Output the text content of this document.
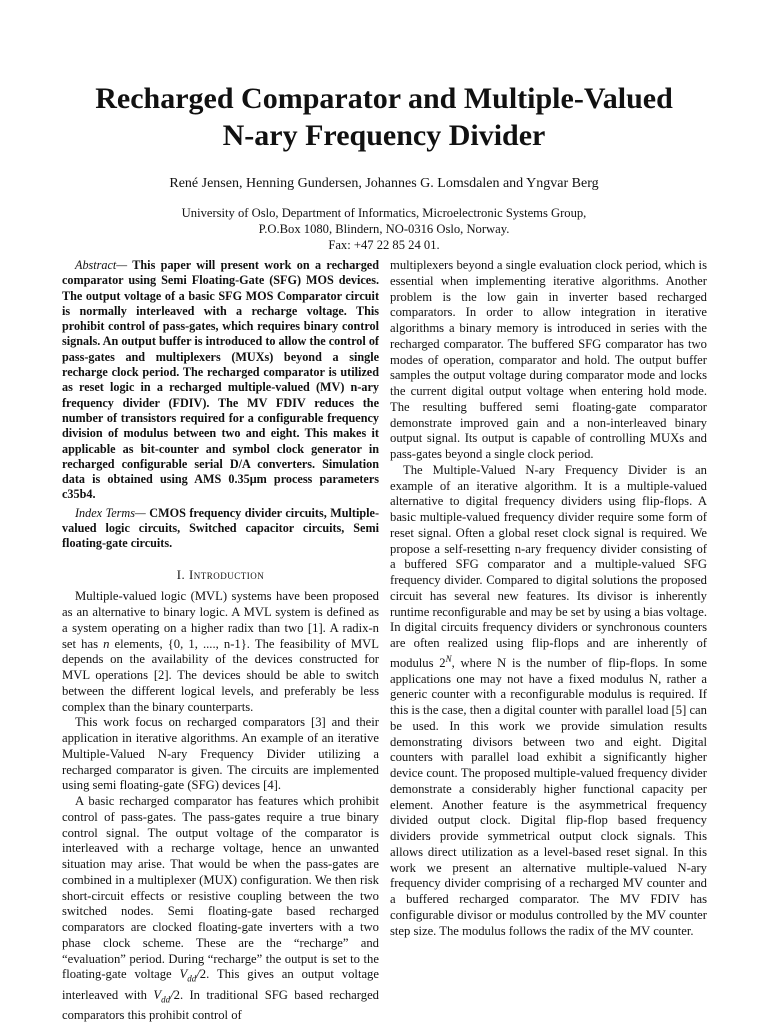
Recharged Comparator and Multiple-Valued
N-ary Frequency Divider
René Jensen, Henning Gundersen, Johannes G. Lomsdalen and Yngvar Berg
University of Oslo, Department of Informatics, Microelectronic Systems Group,
P.O.Box 1080, Blindern, NO-0316 Oslo, Norway.
Fax: +47 22 85 24 01.

Abstract— This paper will present work on a recharged comparator using Semi Floating-Gate (SFG) MOS devices. The output voltage of a basic SFG MOS Comparator circuit is normally interleaved with a recharge voltage. This prohibit control of pass-gates, which requires binary control signals. An output buffer is introduced to allow the control of pass-gates and multiplexers (MUXs) beyond a single recharge clock period. The recharged comparator is utilized as reset logic in a recharged multiple-valued (MV) n-ary frequency divider (FDIV). The MV FDIV reduces the number of transistors required for a configurable frequency division of modulus between two and eight. This makes it applicable as bit-counter and symbol clock generator in recharged configurable serial D/A converters. Simulation data is obtained using AMS 0.35μm process parameters c35b4.

Index Terms— CMOS frequency divider circuits, Multiple-valued logic circuits, Switched capacitor circuits, Semi floating-gate circuits.

I. Introduction

Multiple-valued logic (MVL) systems have been proposed as an alternative to binary logic. A MVL system is defined as a system operating on a higher radix than two [1]. A radix-n set has n elements, {0, 1, ...., n-1}. The feasibility of MVL depends on the availability of the devices constructed for MVL operations [2]. The devices should be able to switch between the different logical levels, and preferably be less complex than the binary counterparts.

This work focus on recharged comparators [3] and their application in iterative algorithms. An example of an iterative Multiple-Valued N-ary Frequency Divider utilizing a recharged comparator is given. The circuits are implemented using semi floating-gate (SFG) devices [4].

A basic recharged comparator has features which prohibit control of pass-gates. The pass-gates require a true binary control signal. The output voltage of the comparator is interleaved with a recharge voltage, hence an unwanted situation may arise. That would be when the pass-gates are combined in a multiplexer (MUX) configuration. We then risk short-circuit effects or resistive coupling between the two switched nodes. Semi floating-gate based recharged comparators are clocked floating-gate inverters with a two phase clock scheme. These are the “recharge” and “evaluation” period. During “recharge” the output is set to the floating-gate voltage $V_{dd}/2$. This gives an output voltage interleaved with $V_{dd}/2$. In traditional SFG based recharged comparators this prohibit control of

multiplexers beyond a single evaluation clock period, which is essential when implementing iterative algorithms. Another problem is the low gain in inverter based recharged comparators. In order to allow integration in iterative algorithms a binary memory is introduced in series with the recharged comparator. The buffered SFG comparator has two modes of operation, comparator and hold. The output buffer samples the output voltage during comparator mode and locks the current digital output voltage when entering hold mode. The resulting buffered semi floating-gate comparator demonstrate improved gain and a non-interleaved binary output signal. Its output is capable of controlling MUXs and pass-gates beyond a single clock period.

The Multiple-Valued N-ary Frequency Divider is an example of an iterative algorithm. It is a multiple-valued alternative to digital frequency dividers using flip-flops. A basic multiple-valued frequency divider require some form of reset signal. Often a global reset clock signal is required. We propose a self-resetting n-ary frequency divider consisting of a buffered SFG comparator and a multiple-valued SFG frequency divider. Compared to digital solutions the proposed circuit has several new features. Its divisor is inherently runtime reconfigurable and may be set by using a bias voltage. In digital circuits frequency dividers or synchronous counters are often realized using flip-flops and are inherently of modulus $2^N$, where N is the number of flip-flops. In some applications one may not have a fixed modulus N, rather a generic counter with a reconfigurable modulus is required. If this is the case, then a digital counter with parallel load [5] can be used. In this work we provide simulation results demonstrating divisors between two and eight. Digital counters with parallel load exhibit a significantly higher device count. The proposed multiple-valued frequency divider demonstrate a considerably higher functional capacity per element. Another feature is the asymmetrical frequency divided output clock. Digital flip-flop based frequency dividers provide symmetrical output clock signals. This allows direct utilization as a level-based reset signal. In this work we present an alternative multiple-valued N-ary frequency divider comprising of a recharged MV counter and a buffered recharged comparator. The MV FDIV has configurable divisor or modulus controlled by the MV counter step size. The modulus follows the radix of the MV counter.
